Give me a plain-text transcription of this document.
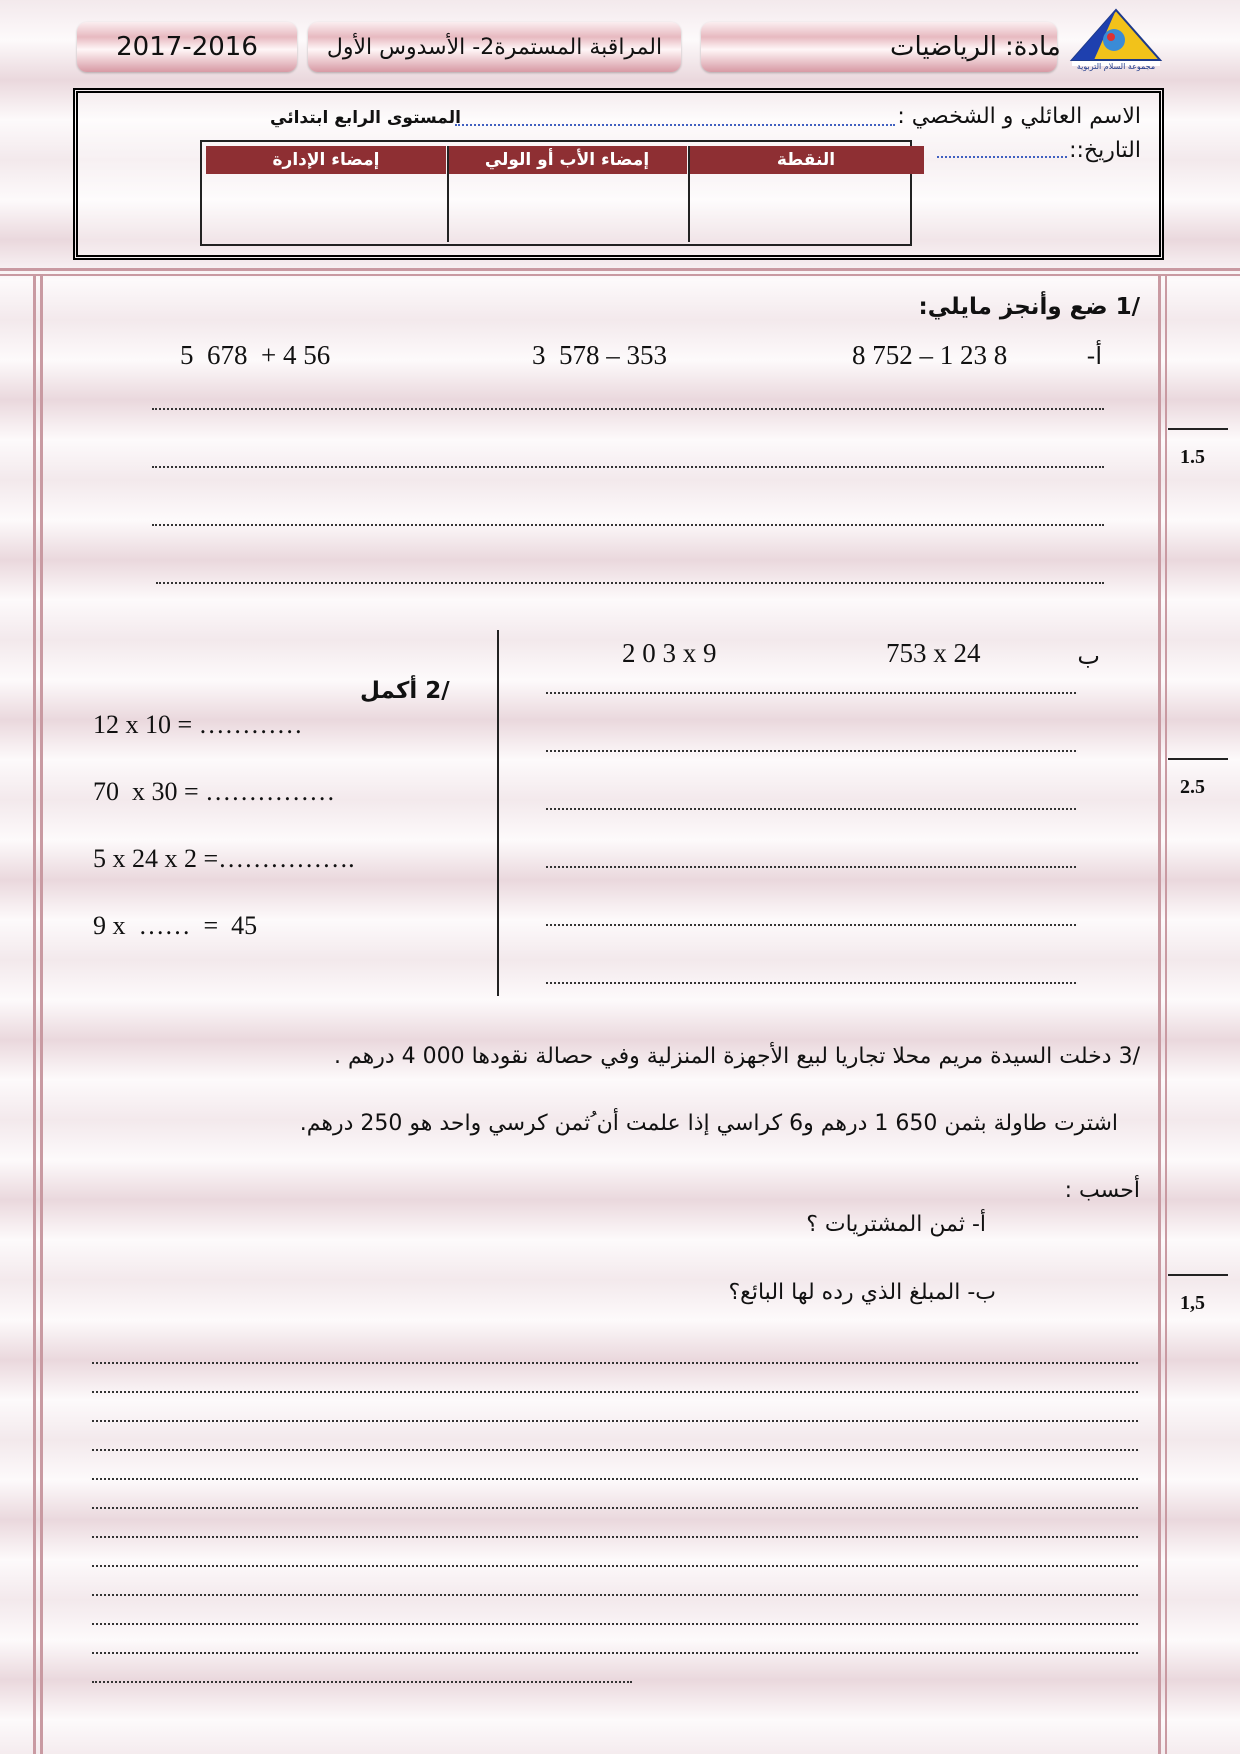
2017-2016	المراقبة المستمرة2- الأسدوس الأول	الرياضيات مادة:
مجموعة السلام التربوية
الاسم العائلي و الشخصي :
المستوى الرابع ابتدائي
التاريخ::
النقطة
إمضاء الأب أو الولي
إمضاء الإدارة
1.5
2.5
1,5
/1 ضع وأنجز مايلي:
أ-
8 752 – 1 23 8
3  578 – 353
5  678  + 4 56
ب
753 x 24
2 0 3 x 9
/2 أكمل
12 x 10 = …………
70  x 30 = ……………
5 x 24 x 2 =…………….
9 x  ……  =  45
/3 دخلت السيدة مريم محلا تجاريا لبيع الأجهزة المنزلية وفي حصالة نقودها 000 4 درهم .
اشترت طاولة بثمن 650 1 درهم و6 كراسي إذا علمت أن ُثمن كرسي واحد هو 250 درهم.
أحسب :
أ- ثمن المشتريات ؟
ب- المبلغ الذي رده لها البائع؟
